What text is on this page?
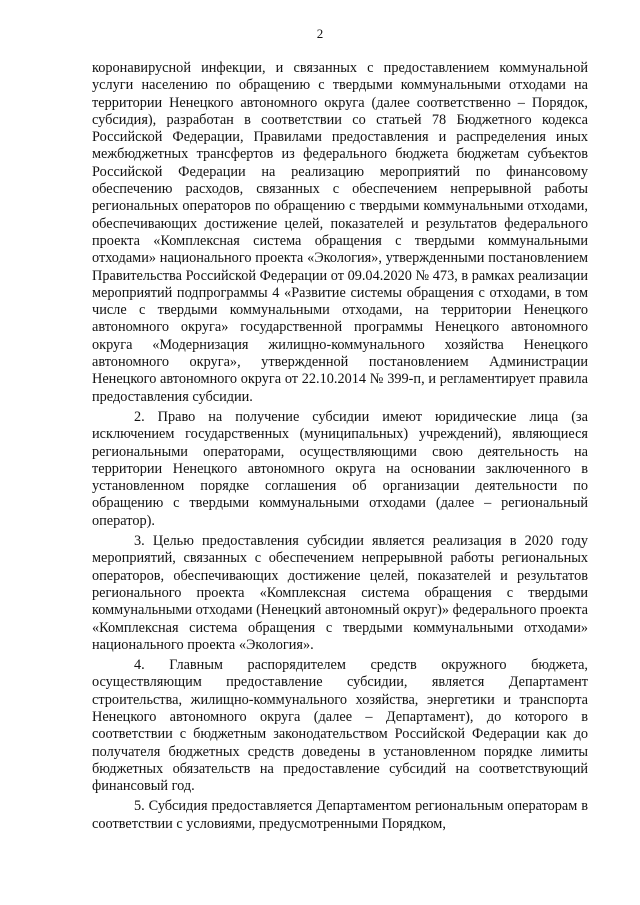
2

коронавирусной инфекции, и связанных с предоставлением коммунальной услуги населению по обращению с твердыми коммунальными отходами на территории Ненецкого автономного округа (далее соответственно – Порядок, субсидия), разработан в соответствии со статьей 78 Бюджетного кодекса Российской Федерации, Правилами предоставления и распределения иных межбюджетных трансфертов из федерального бюджета бюджетам субъектов Российской Федерации на реализацию мероприятий по финансовому обеспечению расходов, связанных с обеспечением непрерывной работы региональных операторов по обращению с твердыми коммунальными отходами, обеспечивающих достижение целей, показателей и результатов федерального проекта «Комплексная система обращения с твердыми коммунальными отходами» национального проекта «Экология», утвержденными постановлением Правительства Российской Федерации от 09.04.2020 № 473, в рамках реализации мероприятий подпрограммы 4 «Развитие системы обращения с отходами, в том числе с твердыми коммунальными отходами, на территории Ненецкого автономного округа» государственной программы Ненецкого автономного округа «Модернизация жилищно-коммунального хозяйства Ненецкого автономного округа», утвержденной постановлением Администрации Ненецкого автономного округа от 22.10.2014 № 399-п, и регламентирует правила предоставления субсидии.

2. Право на получение субсидии имеют юридические лица (за исключением государственных (муниципальных) учреждений), являющиеся региональными операторами, осуществляющими свою деятельность на территории Ненецкого автономного округа на основании заключенного в установленном порядке соглашения об организации деятельности по обращению с твердыми коммунальными отходами (далее – региональный оператор).

3. Целью предоставления субсидии является реализация в 2020 году мероприятий, связанных с обеспечением непрерывной работы региональных операторов, обеспечивающих достижение целей, показателей и результатов регионального проекта «Комплексная система обращения с твердыми коммунальными отходами (Ненецкий автономный округ)» федерального проекта «Комплексная система обращения с твердыми коммунальными отходами» национального проекта «Экология».

4. Главным распорядителем средств окружного бюджета, осуществляющим предоставление субсидии, является Департамент строительства, жилищно-коммунального хозяйства, энергетики и транспорта Ненецкого автономного округа (далее – Департамент), до которого в соответствии с бюджетным законодательством Российской Федерации как до получателя бюджетных средств доведены в установленном порядке лимиты бюджетных обязательств на предоставление субсидий на соответствующий финансовый год.

5. Субсидия предоставляется Департаментом региональным операторам в соответствии с условиями, предусмотренными Порядком,
